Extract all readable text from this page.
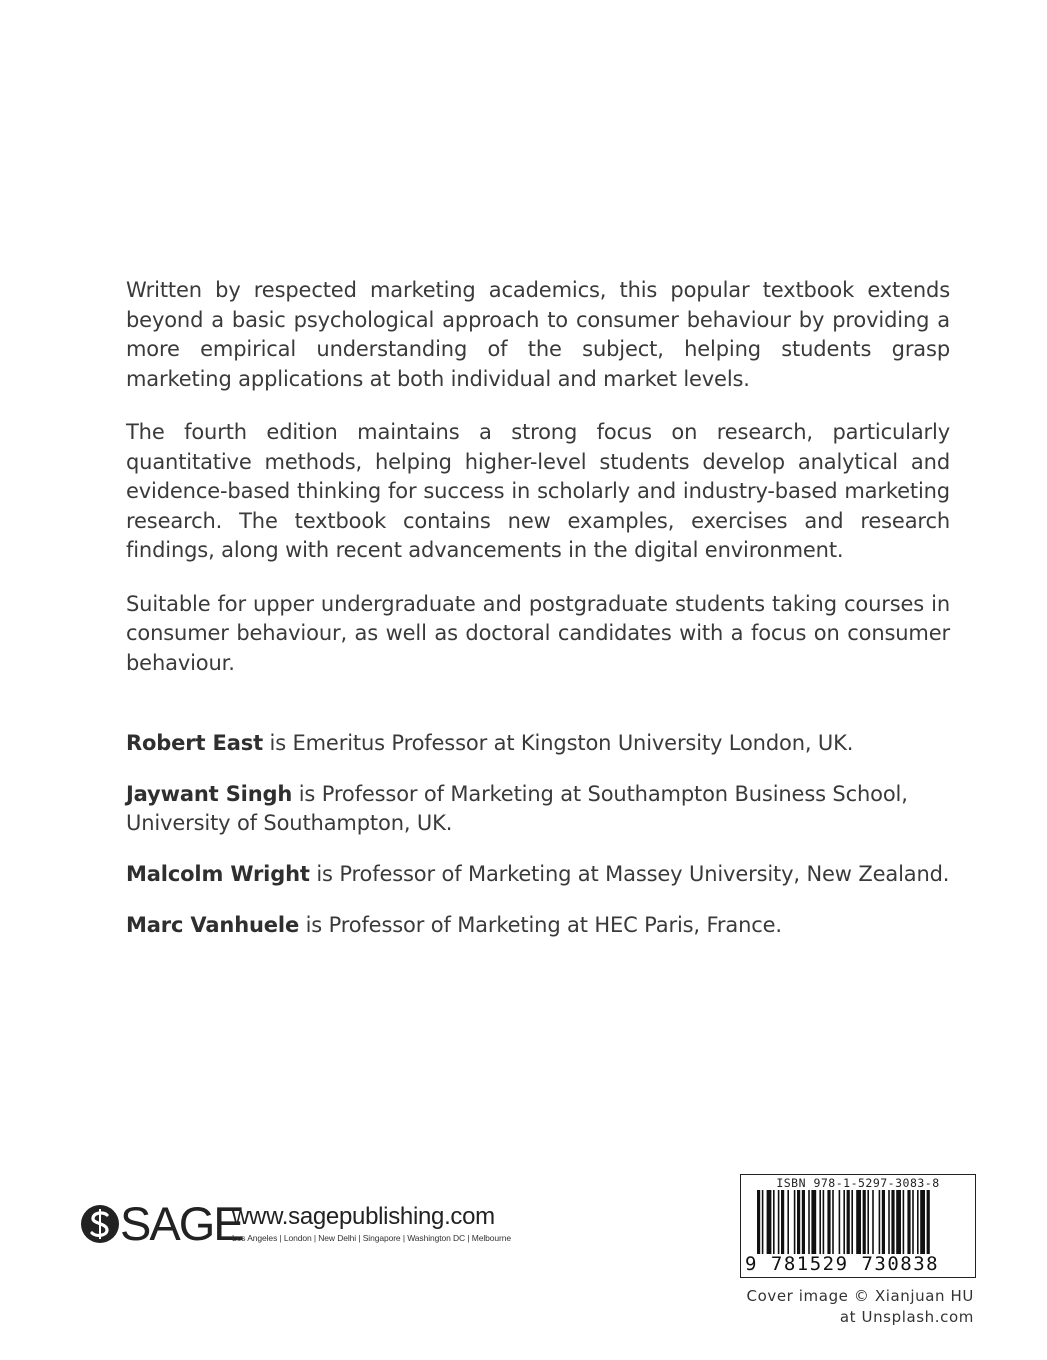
Written by respected marketing academics, this popular textbook extends beyond a basic psychological approach to consumer behaviour by providing a more empirical understanding of the subject, helping students grasp marketing applications at both individual and market levels.

The fourth edition maintains a strong focus on research, particularly quantitative methods, helping higher-level students develop analytical and evidence-based thinking for success in scholarly and industry-based marketing research. The textbook contains new examples, exercises and research findings, along with recent advancements in the digital environment.

Suitable for upper undergraduate and postgraduate students taking courses in consumer behaviour, as well as doctoral candidates with a focus on consumer behaviour.

Robert East is Emeritus Professor at Kingston University London, UK.

Jaywant Singh is Professor of Marketing at Southampton Business School, University of Southampton, UK.

Malcolm Wright is Professor of Marketing at Massey University, New Zealand.

Marc Vanhuele is Professor of Marketing at HEC Paris, France.

SAGE
www.sagepublishing.com
Los Angeles | London | New Delhi | Singapore | Washington DC | Melbourne
ISBN 978-1-5297-3083-8
9 781529 730838
Cover image © Xianjuan HU
at Unsplash.com
